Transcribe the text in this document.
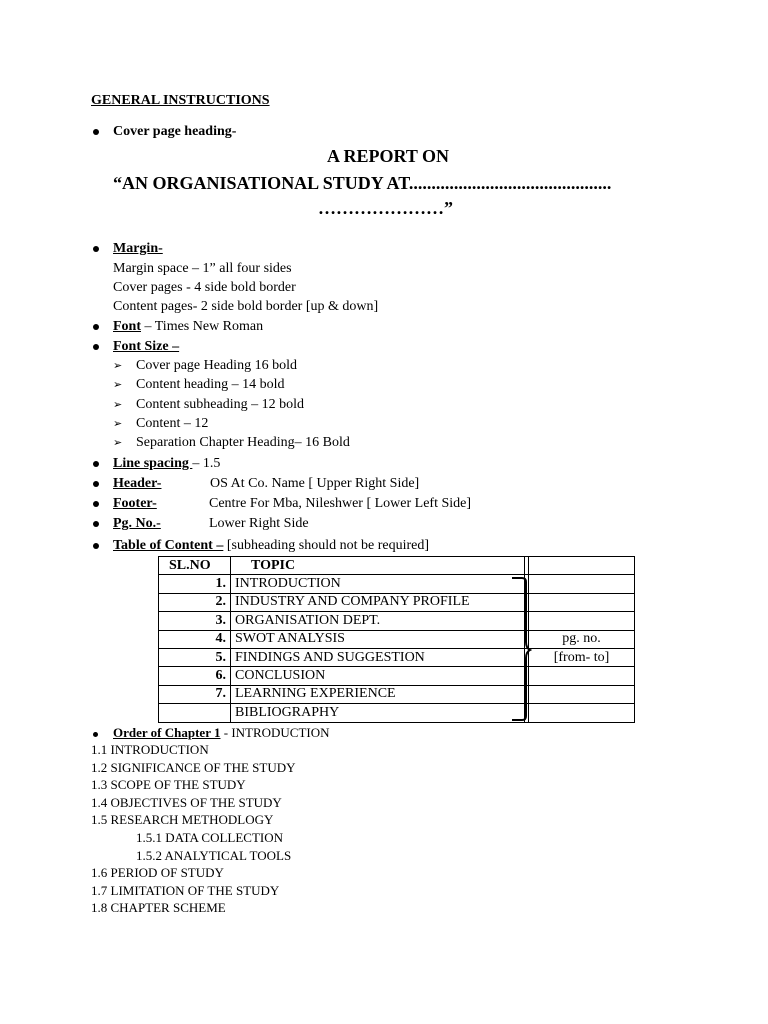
GENERAL INSTRUCTIONS
Cover page heading-
A REPORT ON
“AN ORGANISATIONAL STUDY AT.............................................
…………………”
Margin-
Margin space – 1” all four sides
Cover pages - 4 side bold border
Content pages- 2 side bold border [up & down]
Font – Times New Roman
Font Size –
➢ Cover page Heading 16 bold
➢ Content heading – 14 bold
➢ Content subheading – 12 bold
➢ Content – 12
➢ Separation Chapter Heading– 16 Bold
Line spacing – 1.5
Header-	OS At Co. Name [ Upper Right Side]
Footer-	Centre For Mba, Nileshwer [ Lower Left Side]
Pg. No.-	Lower Right Side
Table of Content – [subheading should not be required]
SL.NO	TOPIC		
1.	INTRODUCTION		
2.	INDUSTRY AND COMPANY PROFILE		
3.	ORGANISATION DEPT.		
4.	SWOT ANALYSIS		pg. no.
5.	FINDINGS AND SUGGESTION		[from- to]
6.	CONCLUSION		
7.	LEARNING EXPERIENCE		
	BIBLIOGRAPHY		
Order of Chapter 1 - INTRODUCTION
1.1 INTRODUCTION
1.2 SIGNIFICANCE OF THE STUDY
1.3 SCOPE OF THE STUDY
1.4 OBJECTIVES OF THE STUDY
1.5 RESEARCH METHODLOGY
1.5.1 DATA COLLECTION
1.5.2 ANALYTICAL TOOLS
1.6 PERIOD OF STUDY
1.7 LIMITATION OF THE STUDY
1.8 CHAPTER SCHEME
